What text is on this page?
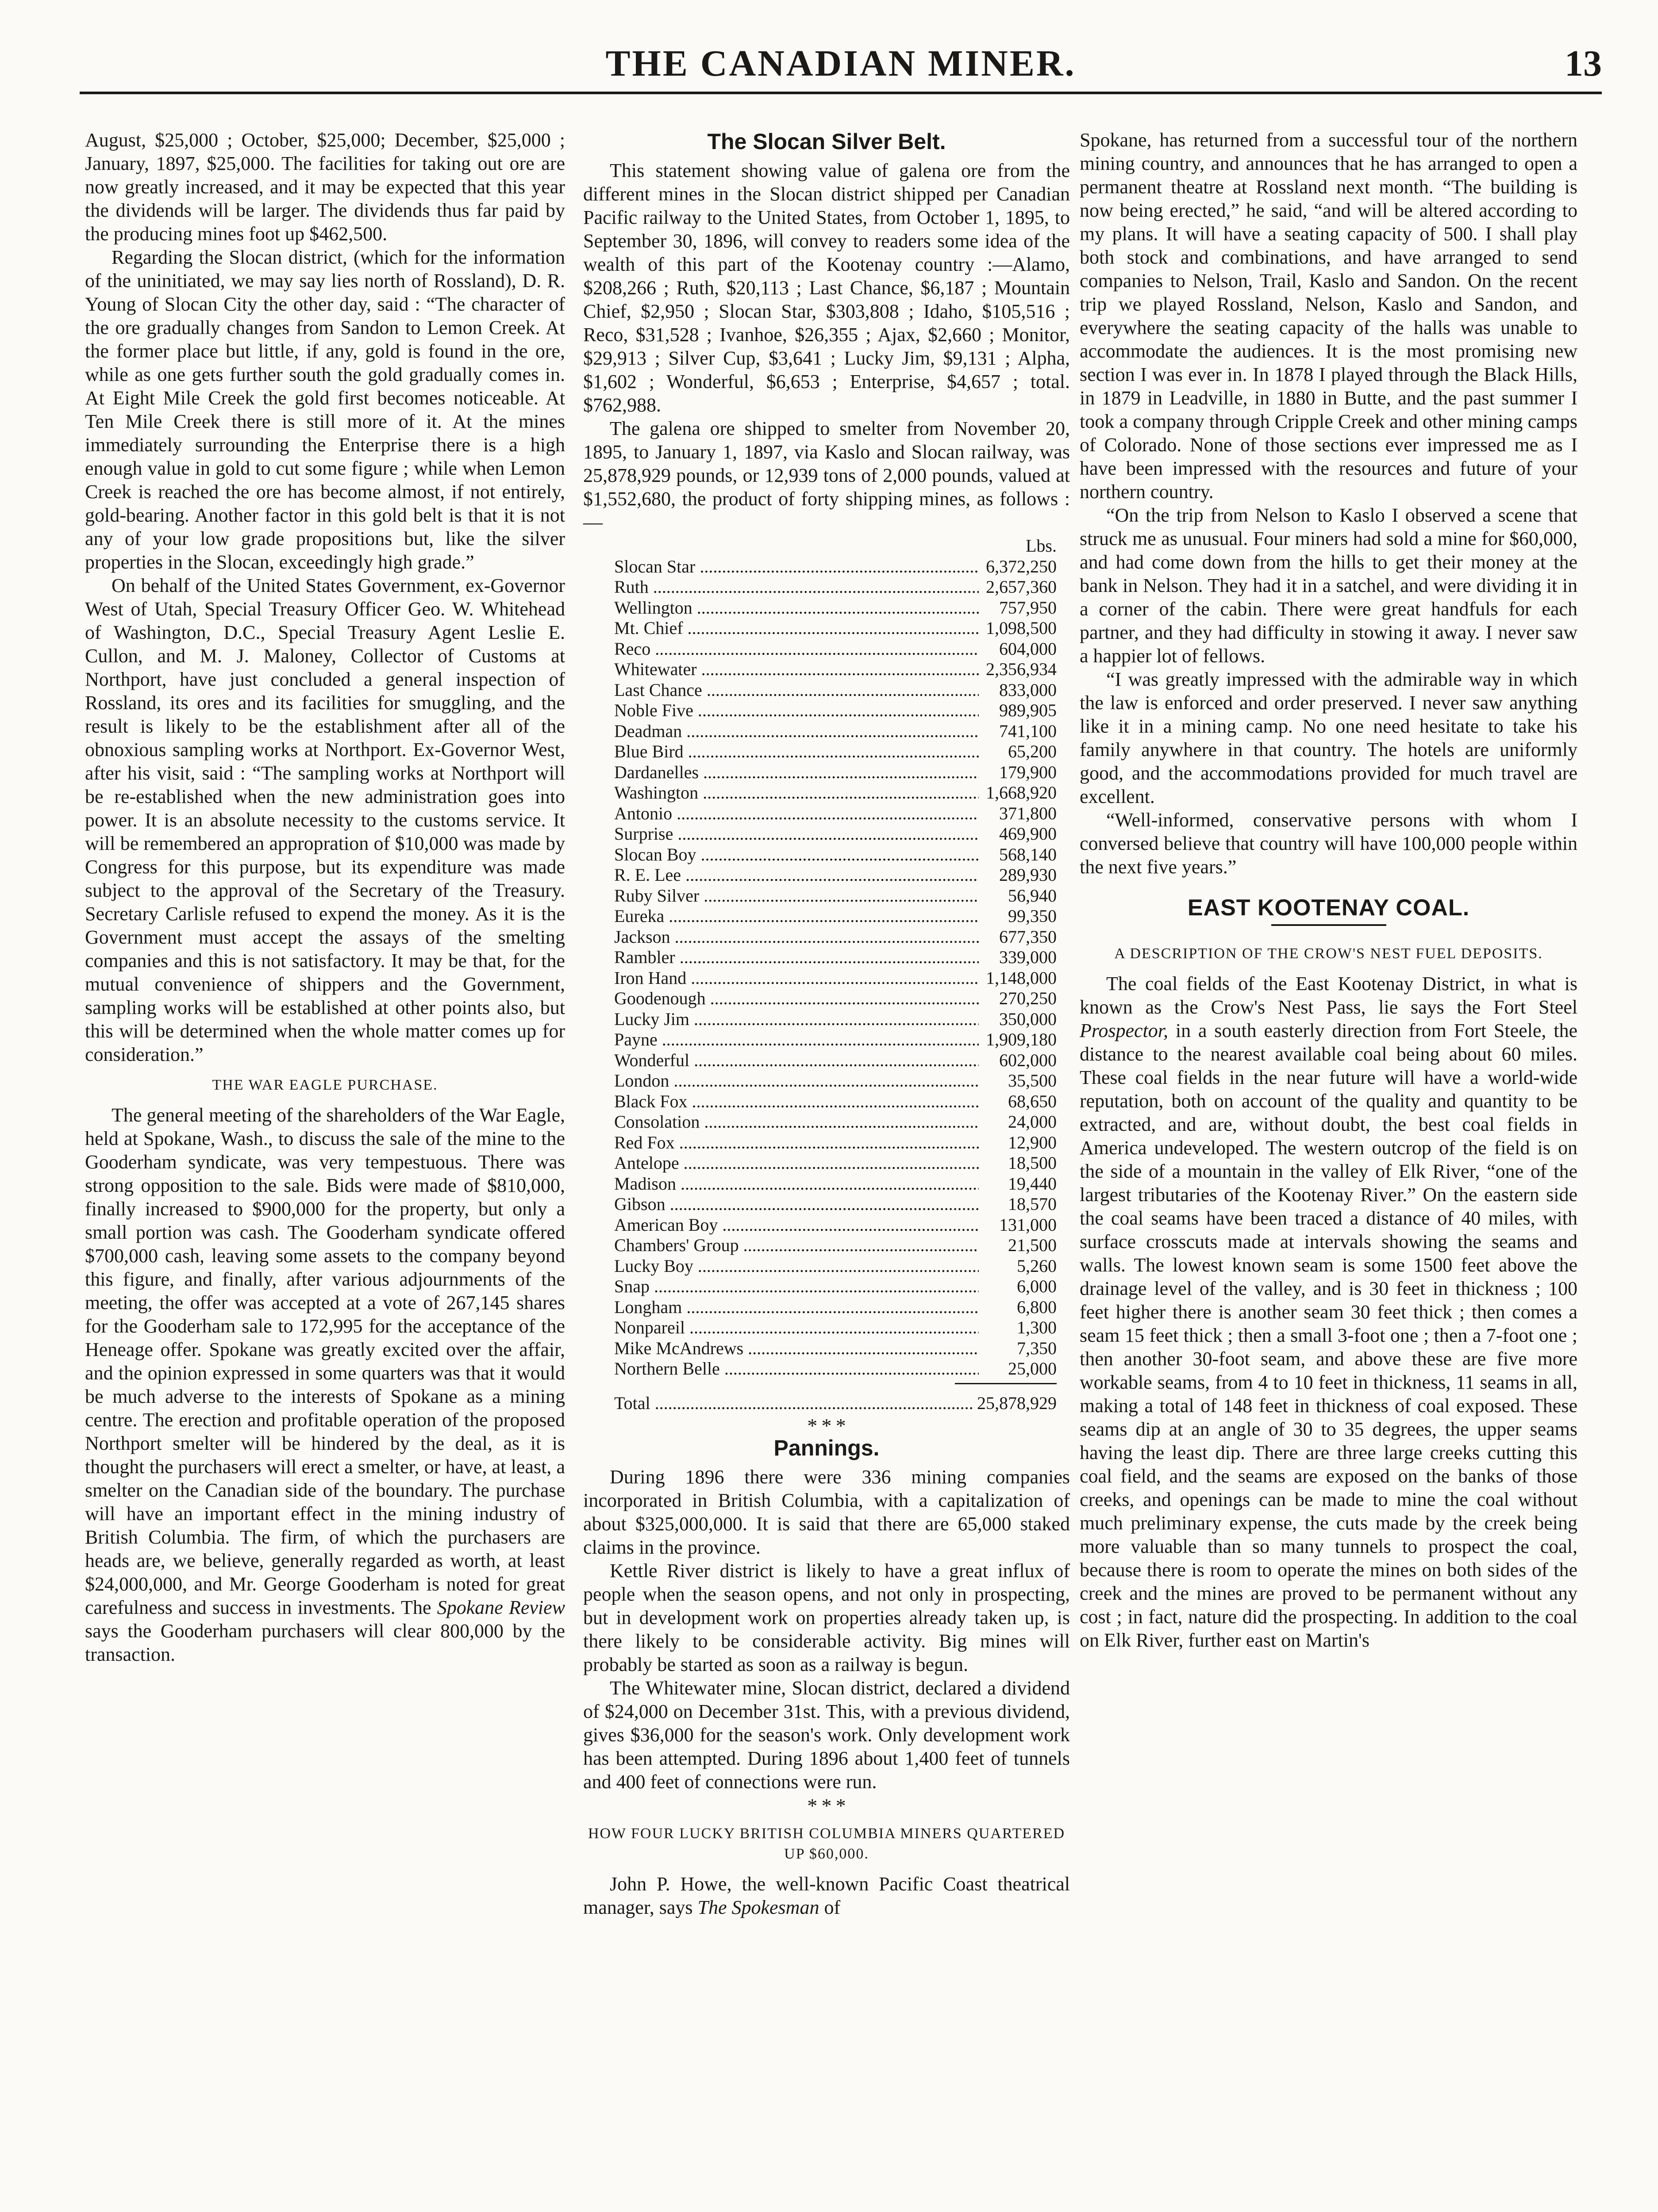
THE CANADIAN MINER.	13

August, $25,000 ; October, $25,000; December, $25,000 ; January, 1897, $25,000. The facilities for taking out ore are now greatly increased, and it may be expected that this year the dividends will be larger. The dividends thus far paid by the producing mines foot up $462,500.

Regarding the Slocan district, (which for the information of the uninitiated, we may say lies north of Rossland), D. R. Young of Slocan City the other day, said : “The character of the ore gradually changes from Sandon to Lemon Creek. At the former place but little, if any, gold is found in the ore, while as one gets further south the gold gradually comes in. At Eight Mile Creek the gold first becomes noticeable. At Ten Mile Creek there is still more of it. At the mines immediately surrounding the Enterprise there is a high enough value in gold to cut some figure ; while when Lemon Creek is reached the ore has become almost, if not entirely, gold-bearing. Another factor in this gold belt is that it is not any of your low grade propositions but, like the silver properties in the Slocan, exceedingly high grade.”

On behalf of the United States Government, ex-Governor West of Utah, Special Treasury Officer Geo. W. Whitehead of Washington, D.C., Special Treasury Agent Leslie E. Cullon, and M. J. Maloney, Collector of Customs at Northport, have just concluded a general inspection of Rossland, its ores and its facilities for smuggling, and the result is likely to be the establishment after all of the obnoxious sampling works at Northport. Ex-Governor West, after his visit, said : “The sampling works at Northport will be re-established when the new administration goes into power. It is an absolute necessity to the customs service. It will be remembered an appropration of $10,000 was made by Congress for this purpose, but its expenditure was made subject to the approval of the Secretary of the Treasury. Secretary Carlisle refused to expend the money. As it is the Government must accept the assays of the smelting companies and this is not satisfactory. It may be that, for the mutual convenience of shippers and the Government, sampling works will be established at other points also, but this will be determined when the whole matter comes up for consideration.”

THE WAR EAGLE PURCHASE.

The general meeting of the shareholders of the War Eagle, held at Spokane, Wash., to discuss the sale of the mine to the Gooderham syndicate, was very tempestuous. There was strong opposition to the sale. Bids were made of $810,000, finally increased to $900,000 for the property, but only a small portion was cash. The Gooderham syndicate offered $700,000 cash, leaving some assets to the company beyond this figure, and finally, after various adjournments of the meeting, the offer was accepted at a vote of 267,145 shares for the Gooderham sale to 172,995 for the acceptance of the Heneage offer. Spokane was greatly excited over the affair, and the opinion expressed in some quarters was that it would be much adverse to the interests of Spokane as a mining centre. The erection and profitable operation of the proposed Northport smelter will be hindered by the deal, as it is thought the purchasers will erect a smelter, or have, at least, a smelter on the Canadian side of the boundary. The purchase will have an important effect in the mining industry of British Columbia. The firm, of which the purchasers are heads are, we believe, generally regarded as worth, at least $24,000,000, and Mr. George Gooderham is noted for great carefulness and success in investments. The Spokane Review says the Gooderham purchasers will clear 800,000 by the transaction.

The Slocan Silver Belt.

This statement showing value of galena ore from the different mines in the Slocan district shipped per Canadian Pacific railway to the United States, from October 1, 1895, to September 30, 1896, will convey to readers some idea of the wealth of this part of the Kootenay country :—Alamo, $208,266 ; Ruth, $20,113 ; Last Chance, $6,187 ; Mountain Chief, $2,950 ; Slocan Star, $303,808 ; Idaho, $105,516 ; Reco, $31,528 ; Ivanhoe, $26,355 ; Ajax, $2,660 ; Monitor, $29,913 ; Silver Cup, $3,641 ; Lucky Jim, $9,131 ; Alpha, $1,602 ; Wonderful, $6,653 ; Enterprise, $4,657 ; total. $762,988.

The galena ore shipped to smelter from November 20, 1895, to January 1, 1897, via Kaslo and Slocan railway, was 25,878,929 pounds, or 12,939 tons of 2,000 pounds, valued at $1,552,680, the product of forty shipping mines, as follows :—

Lbs.
Slocan Star .....	6,372,250
Ruth .....	2,657,360
Wellington .....	757,950
Mt. Chief .....	1,098,500
Reco .....	604,000
Whitewater .....	2,356,934
Last Chance .....	833,000
Noble Five .....	989,905
Deadman .....	741,100
Blue Bird .....	65,200
Dardanelles .....	179,900
Washington .....	1,668,920
Antonio .....	371,800
Surprise .....	469,900
Slocan Boy .....	568,140
R. E. Lee .....	289,930
Ruby Silver .....	56,940
Eureka .....	99,350
Jackson .....	677,350
Rambler .....	339,000
Iron Hand .....	1,148,000
Goodenough .....	270,250
Lucky Jim .....	350,000
Payne .....	1,909,180
Wonderful .....	602,000
London .....	35,500
Black Fox .....	68,650
Consolation .....	24,000
Red Fox .....	12,900
Antelope .....	18,500
Madison .....	19,440
Gibson .....	18,570
American Boy .....	131,000
Chambers' Group .....	21,500
Lucky Boy .....	5,260
Snap .....	6,000
Longham .....	6,800
Nonpareil .....	1,300
Mike McAndrews .....	7,350
Northern Belle .....	25,000
Total .....	25,878,929
* * *
Pannings.

During 1896 there were 336 mining companies incorporated in British Columbia, with a capitalization of about $325,000,000. It is said that there are 65,000 staked claims in the province.

Kettle River district is likely to have a great influx of people when the season opens, and not only in prospecting, but in development work on properties already taken up, is there likely to be considerable activity. Big mines will probably be started as soon as a railway is begun.

The Whitewater mine, Slocan district, declared a dividend of $24,000 on December 31st. This, with a previous dividend, gives $36,000 for the season's work. Only development work has been attempted. During 1896 about 1,400 feet of tunnels and 400 feet of connections were run.

* * *
HOW FOUR LUCKY BRITISH COLUMBIA MINERS QUARTERED UP $60,000.

John P. Howe, the well-known Pacific Coast theatrical manager, says The Spokesman of

Spokane, has returned from a successful tour of the northern mining country, and announces that he has arranged to open a permanent theatre at Rossland next month. “The building is now being erected,” he said, “and will be altered according to my plans. It will have a seating capacity of 500. I shall play both stock and combinations, and have arranged to send companies to Nelson, Trail, Kaslo and Sandon. On the recent trip we played Rossland, Nelson, Kaslo and Sandon, and everywhere the seating capacity of the halls was unable to accommodate the audiences. It is the most promising new section I was ever in. In 1878 I played through the Black Hills, in 1879 in Leadville, in 1880 in Butte, and the past summer I took a company through Cripple Creek and other mining camps of Colorado. None of those sections ever impressed me as I have been impressed with the resources and future of your northern country.

“On the trip from Nelson to Kaslo I observed a scene that struck me as unusual. Four miners had sold a mine for $60,000, and had come down from the hills to get their money at the bank in Nelson. They had it in a satchel, and were dividing it in a corner of the cabin. There were great handfuls for each partner, and they had difficulty in stowing it away. I never saw a happier lot of fellows.

“I was greatly impressed with the admirable way in which the law is enforced and order preserved. I never saw anything like it in a mining camp. No one need hesitate to take his family anywhere in that country. The hotels are uniformly good, and the accommodations provided for much travel are excellent.

“Well-informed, conservative persons with whom I conversed believe that country will have 100,000 people within the next five years.”

EAST KOOTENAY COAL.
A DESCRIPTION OF THE CROW'S NEST FUEL DEPOSITS.

The coal fields of the East Kootenay District, in what is known as the Crow's Nest Pass, lie says the Fort Steel Prospector, in a south easterly direction from Fort Steele, the distance to the nearest available coal being about 60 miles. These coal fields in the near future will have a world-wide reputation, both on account of the quality and quantity to be extracted, and are, without doubt, the best coal fields in America undeveloped. The western outcrop of the field is on the side of a mountain in the valley of Elk River, “one of the largest tributaries of the Kootenay River.” On the eastern side the coal seams have been traced a distance of 40 miles, with surface crosscuts made at intervals showing the seams and walls. The lowest known seam is some 1500 feet above the drainage level of the valley, and is 30 feet in thickness ; 100 feet higher there is another seam 30 feet thick ; then comes a seam 15 feet thick ; then a small 3-foot one ; then a 7-foot one ; then another 30-foot seam, and above these are five more workable seams, from 4 to 10 feet in thickness, 11 seams in all, making a total of 148 feet in thickness of coal exposed. These seams dip at an angle of 30 to 35 degrees, the upper seams having the least dip. There are three large creeks cutting this coal field, and the seams are exposed on the banks of those creeks, and openings can be made to mine the coal without much preliminary expense, the cuts made by the creek being more valuable than so many tunnels to prospect the coal, because there is room to operate the mines on both sides of the creek and the mines are proved to be permanent without any cost ; in fact, nature did the prospecting. In addition to the coal on Elk River, further east on Martin's
